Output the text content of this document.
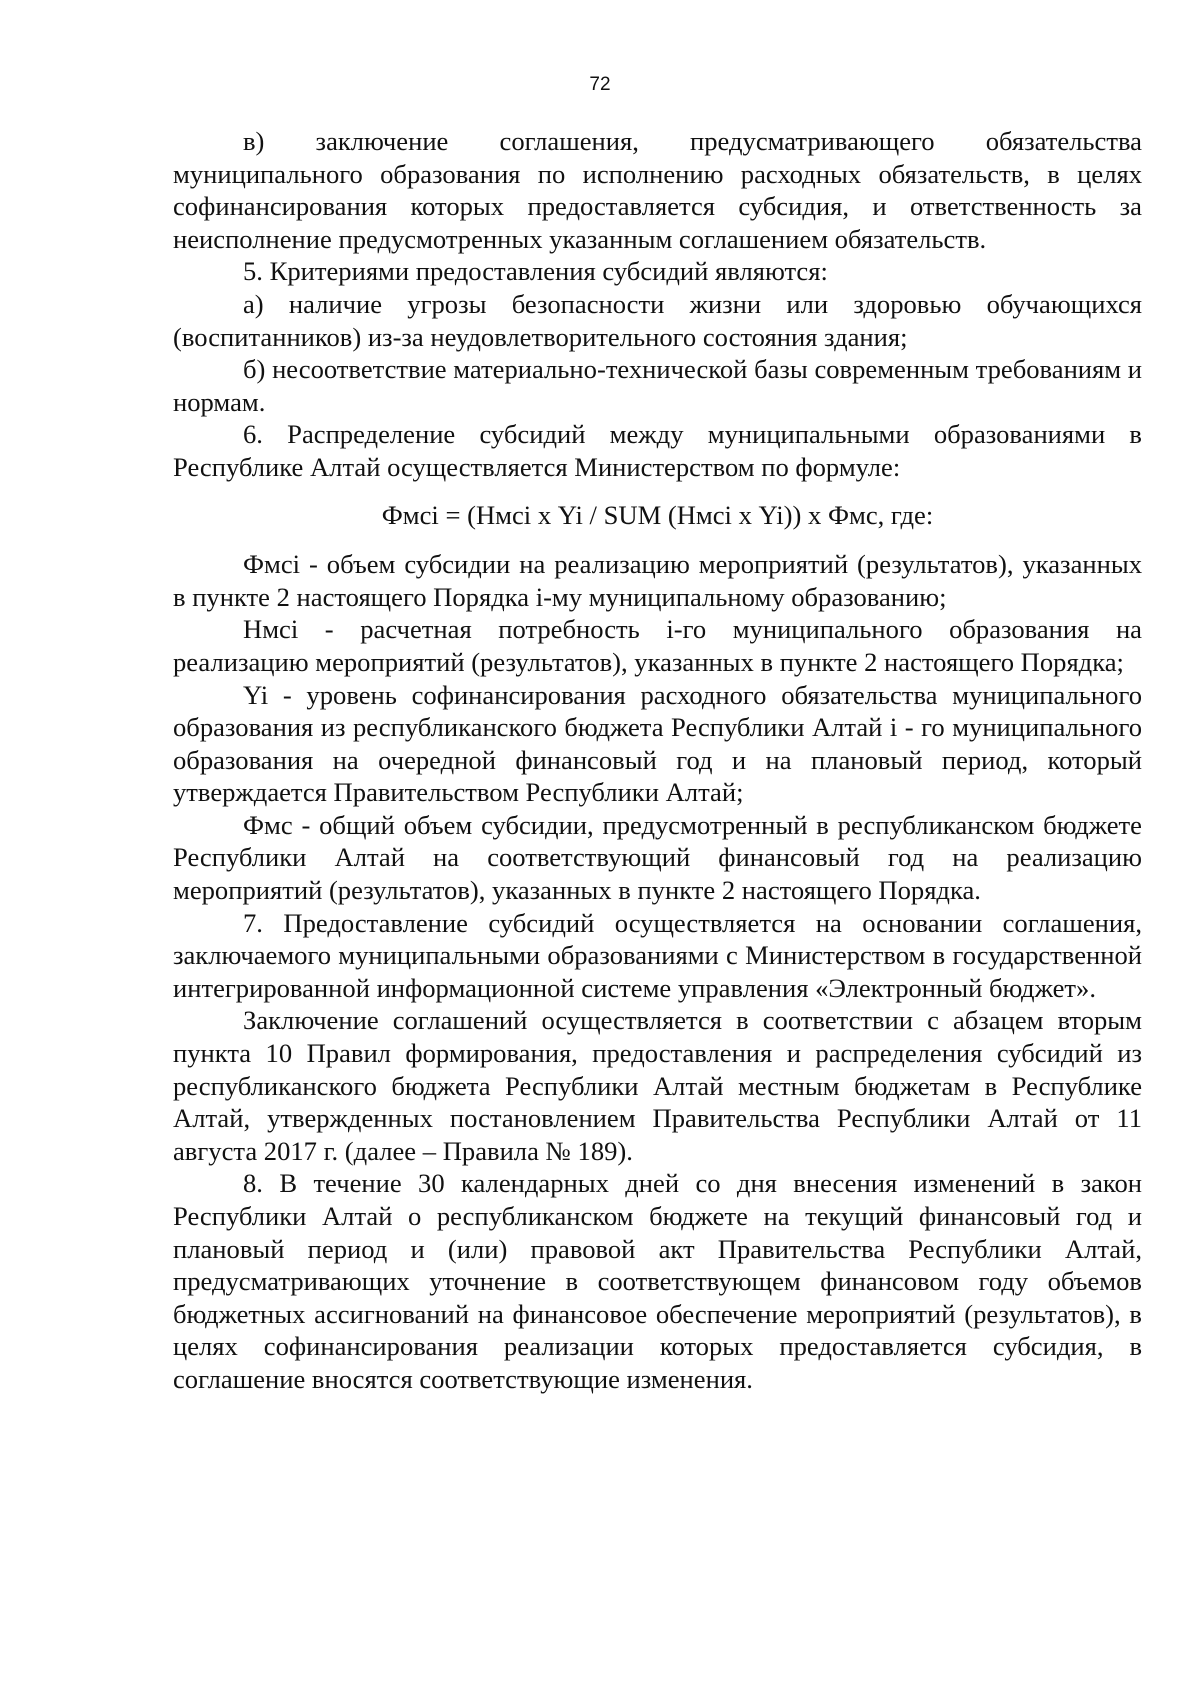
72

в) заключение соглашения, предусматривающего обязательства муниципального образования по исполнению расходных обязательств, в целях софинансирования которых предоставляется субсидия, и ответственность за неисполнение предусмотренных указанным соглашением обязательств.

5. Критериями предоставления субсидий являются:

а) наличие угрозы безопасности жизни или здоровью обучающихся (воспитанников) из-за неудовлетворительного состояния здания;

б) несоответствие материально-технической базы современным требованиям и нормам.

6. Распределение субсидий между муниципальными образованиями в Республике Алтай осуществляется Министерством по формуле:

Фмсi = (Нмсi х Yi / SUM (Нмсi х Yi)) х Фмс, где:

Фмсi - объем субсидии на реализацию мероприятий (результатов), указанных в пункте 2 настоящего Порядка i-му муниципальному образованию;

Нмсi - расчетная потребность i-го муниципального образования на реализацию мероприятий (результатов), указанных в пункте 2 настоящего Порядка;

Yi - уровень софинансирования расходного обязательства муниципального образования из республиканского бюджета Республики Алтай i - го муниципального образования на очередной финансовый год и на плановый период, который утверждается Правительством Республики Алтай;

Фмс - общий объем субсидии, предусмотренный в республиканском бюджете Республики Алтай на соответствующий финансовый год на реализацию мероприятий (результатов), указанных в пункте 2 настоящего Порядка.

7. Предоставление субсидий осуществляется на основании соглашения, заключаемого муниципальными образованиями с Министерством в государственной интегрированной информационной системе управления «Электронный бюджет».

Заключение соглашений осуществляется в соответствии с абзацем вторым пункта 10 Правил формирования, предоставления и распределения субсидий из республиканского бюджета Республики Алтай местным бюджетам в Республике Алтай, утвержденных постановлением Правительства Республики Алтай от 11 августа 2017 г. (далее – Правила № 189).

8. В течение 30 календарных дней со дня внесения изменений в закон Республики Алтай о республиканском бюджете на текущий финансовый год и плановый период и (или) правовой акт Правительства Республики Алтай, предусматривающих уточнение в соответствующем финансовом году объемов бюджетных ассигнований на финансовое обеспечение мероприятий (результатов), в целях софинансирования реализации которых предоставляется субсидия, в соглашение вносятся соответствующие изменения.
